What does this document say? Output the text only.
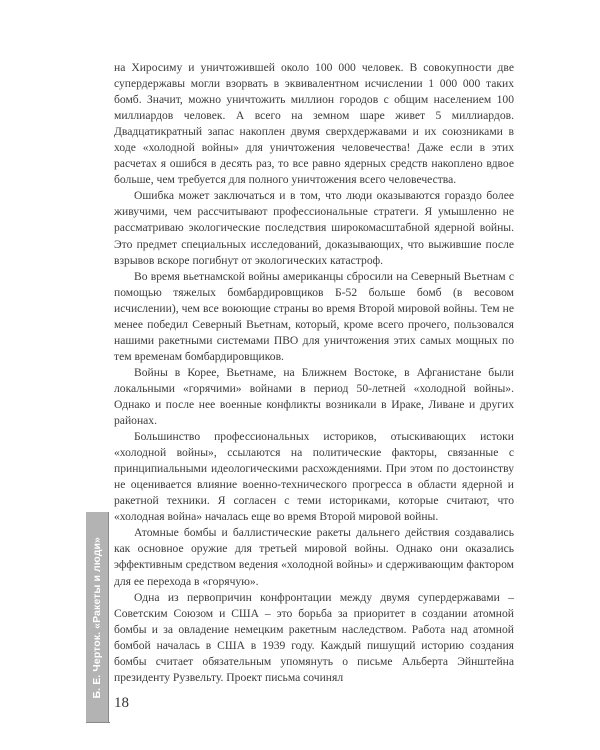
на Хиросиму и уничтожившей около 100 000 человек. В совокупности две супердержавы могли взорвать в эквивалентном исчислении 1 000 000 таких бомб. Значит, можно уничтожить миллион городов с общим населением 100 миллиардов человек. А всего на земном шаре живет 5 миллиардов. Двадцатикратный запас накоплен двумя сверхдержавами и их союзниками в ходе «холодной войны» для уничтожения человечества! Даже если в этих расчетах я ошибся в десять раз, то все равно ядерных средств накоплено вдвое больше, чем требуется для полного уничтожения всего человечества.

Ошибка может заключаться и в том, что люди оказываются гораздо более живучими, чем рассчитывают профессиональные стратеги. Я умышленно не рассматриваю экологические последствия широкомасштабной ядерной войны. Это предмет специальных исследований, доказывающих, что выжившие после взрывов вскоре погибнут от экологических катастроф.

Во время вьетнамской войны американцы сбросили на Северный Вьетнам с помощью тяжелых бомбардировщиков Б-52 больше бомб (в весовом исчислении), чем все воюющие страны во время Второй мировой войны. Тем не менее победил Северный Вьетнам, который, кроме всего прочего, пользовался нашими ракетными системами ПВО для уничтожения этих самых мощных по тем временам бомбардировщиков.

Войны в Корее, Вьетнаме, на Ближнем Востоке, в Афганистане были локальными «горячими» войнами в период 50-летней «холодной войны». Однако и после нее военные конфликты возникали в Ираке, Ливане и других районах.

Большинство профессиональных историков, отыскивающих истоки «холодной войны», ссылаются на политические факторы, связанные с принципиальными идеологическими расхождениями. При этом по достоинству не оценивается влияние военно-технического прогресса в области ядерной и ракетной техники. Я согласен с теми историками, которые считают, что «холодная война» началась еще во время Второй мировой войны.

Атомные бомбы и баллистические ракеты дальнего действия создавались как основное оружие для третьей мировой войны. Однако они оказались эффективным средством ведения «холодной войны» и сдерживающим фактором для ее перехода в «горячую».

Одна из первопричин конфронтации между двумя супердержавами – Советским Союзом и США – это борьба за приоритет в создании атомной бомбы и за овладение немецким ракетным наследством. Работа над атомной бомбой началась в США в 1939 году. Каждый пишущий историю создания бомбы считает обязательным упомянуть о письме Альберта Эйнштейна президенту Рузвельту. Проект письма сочинял

Б. Е. Черток. «Ракеты и люди»
18
